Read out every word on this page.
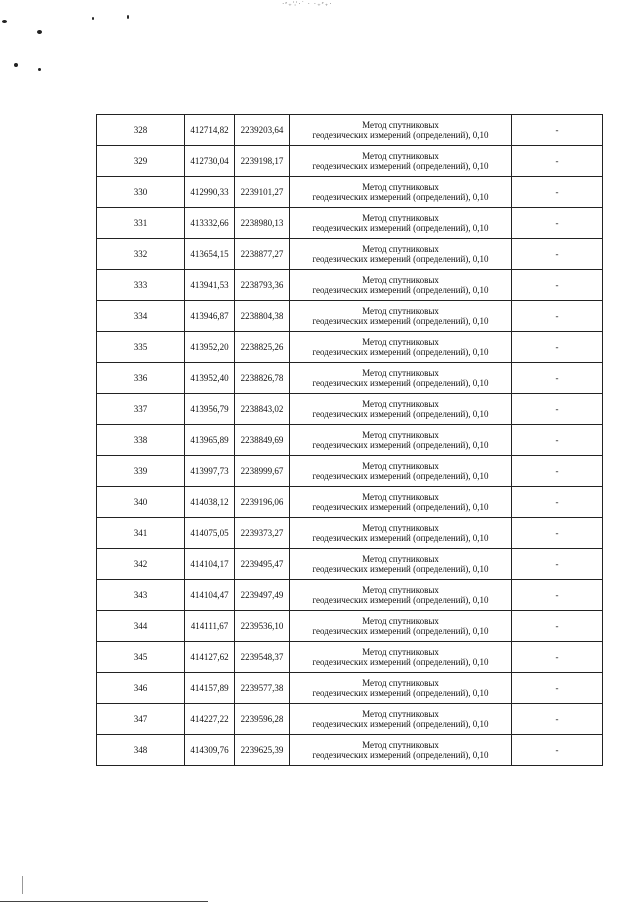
·ᵉ₊∵·˙ · ·₊ᵉ₊·
328	412714,82	2239203,64	Метод спутниковых
геодезических измерений (определений), 0,10	-
329	412730,04	2239198,17	Метод спутниковых
геодезических измерений (определений), 0,10	-
330	412990,33	2239101,27	Метод спутниковых
геодезических измерений (определений), 0,10	-
331	413332,66	2238980,13	Метод спутниковых
геодезических измерений (определений), 0,10	-
332	413654,15	2238877,27	Метод спутниковых
геодезических измерений (определений), 0,10	-
333	413941,53	2238793,36	Метод спутниковых
геодезических измерений (определений), 0,10	-
334	413946,87	2238804,38	Метод спутниковых
геодезических измерений (определений), 0,10	-
335	413952,20	2238825,26	Метод спутниковых
геодезических измерений (определений), 0,10	-
336	413952,40	2238826,78	Метод спутниковых
геодезических измерений (определений), 0,10	-
337	413956,79	2238843,02	Метод спутниковых
геодезических измерений (определений), 0,10	-
338	413965,89	2238849,69	Метод спутниковых
геодезических измерений (определений), 0,10	-
339	413997,73	2238999,67	Метод спутниковых
геодезических измерений (определений), 0,10	-
340	414038,12	2239196,06	Метод спутниковых
геодезических измерений (определений), 0,10	-
341	414075,05	2239373,27	Метод спутниковых
геодезических измерений (определений), 0,10	-
342	414104,17	2239495,47	Метод спутниковых
геодезических измерений (определений), 0,10	-
343	414104,47	2239497,49	Метод спутниковых
геодезических измерений (определений), 0,10	-
344	414111,67	2239536,10	Метод спутниковых
геодезических измерений (определений), 0,10	-
345	414127,62	2239548,37	Метод спутниковых
геодезических измерений (определений), 0,10	-
346	414157,89	2239577,38	Метод спутниковых
геодезических измерений (определений), 0,10	-
347	414227,22	2239596,28	Метод спутниковых
геодезических измерений (определений), 0,10	-
348	414309,76	2239625,39	Метод спутниковых
геодезических измерений (определений), 0,10	-
